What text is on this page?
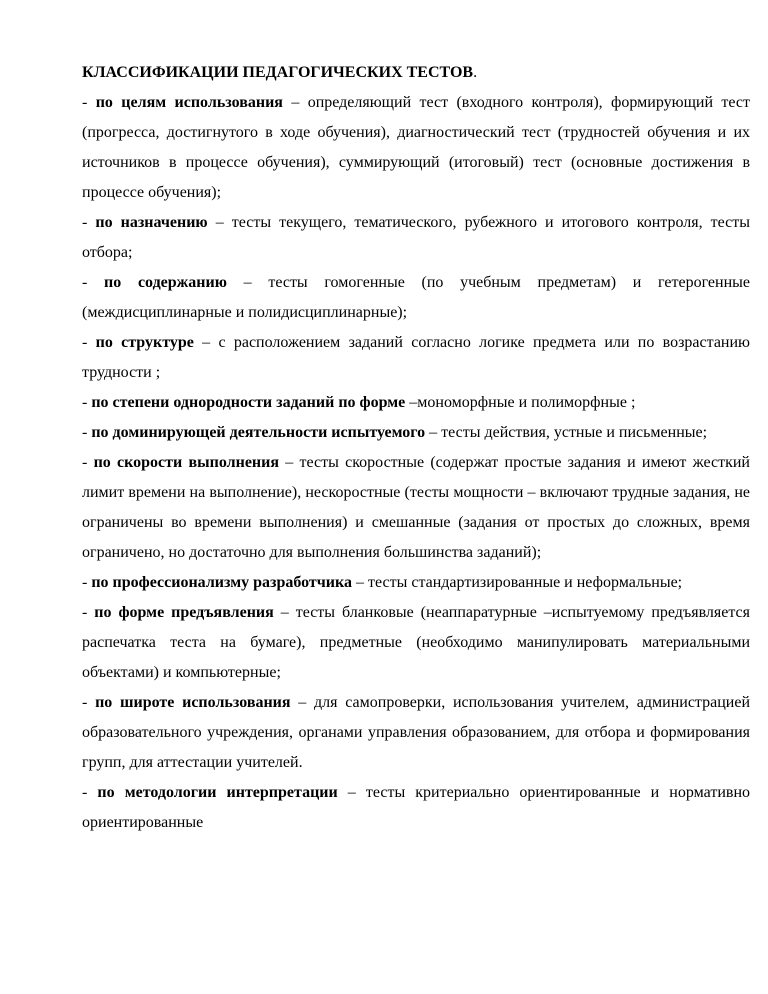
КЛАССИФИКАЦИИ ПЕДАГОГИЧЕСКИХ ТЕСТОВ.

- по целям использования – определяющий тест (входного контроля), формирующий тест (прогресса, достигнутого в ходе обучения), диагностический тест (трудностей обучения и их источников в процессе обучения), суммирующий (итоговый) тест (основные достижения в процессе обучения);

- по назначению – тесты текущего, тематического, рубежного и итогового контроля, тесты отбора;

- по содержанию – тесты гомогенные (по учебным предметам) и гетерогенные (междисциплинарные и полидисциплинарные);

- по структуре – с расположением заданий согласно логике предмета или по возрастанию трудности ;

- по степени однородности заданий по форме –мономорфные и полиморфные ;

- по доминирующей деятельности испытуемого – тесты действия, устные и письменные;

- по скорости выполнения – тесты скоростные (содержат простые задания и имеют жесткий лимит времени на выполнение), нескоростные (тесты мощности – включают трудные задания, не ограничены во времени выполнения) и смешанные (задания от простых до сложных, время ограничено, но достаточно для выполнения большинства заданий);

- по профессионализму разработчика – тесты стандартизированные и неформальные;

- по форме предъявления – тесты бланковые (неаппаратурные –испытуемому предъявляется распечатка теста на бумаге), предметные (необходимо манипулировать материальными объектами) и компьютерные;

- по широте использования – для самопроверки, использования учителем, администрацией образовательного учреждения, органами управления образованием, для отбора и формирования групп, для аттестации учителей.

- по методологии интерпретации – тесты критериально ориентированные и нормативно ориентированные
